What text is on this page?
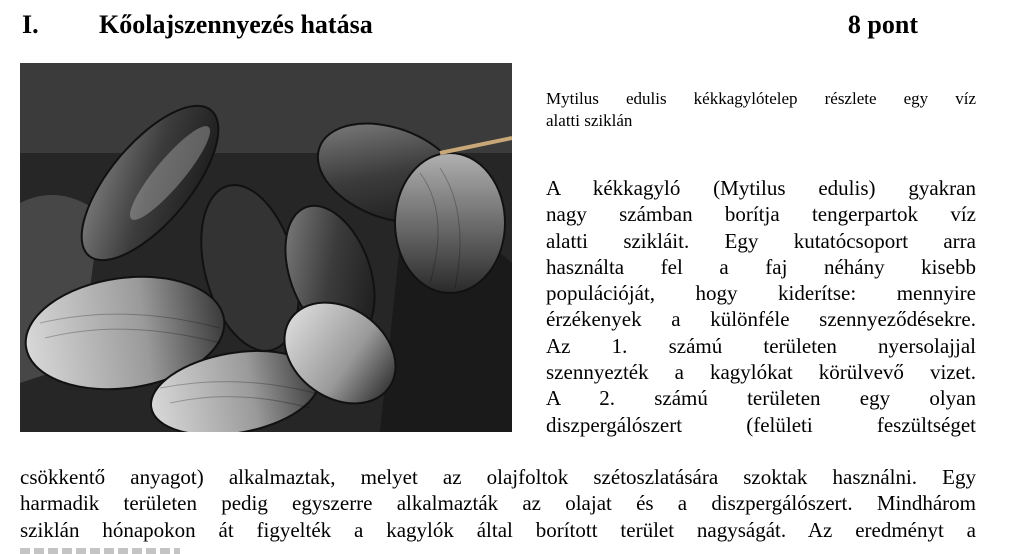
I. Kőolajszennyezés hatása	8 pont
Mytilus edulis kékkagylótelep részlete egy víz
alatti sziklán
A kékkagyló (Mytilus edulis) gyakran
nagy számban borítja tengerpartok víz
alatti szikláit. Egy kutatócsoport arra
használta fel a faj néhány kisebb
populációját, hogy kiderítse: mennyire
érzékenyek a különféle szennyeződésekre.
Az 1. számú területen nyersolajjal
szennyezték a kagylókat körülvevő vizet.
A 2. számú területen egy olyan
diszpergálószert (felületi feszültséget
csökkentő anyagot) alkalmaztak, melyet az olajfoltok szétoszlatására szoktak használni. Egy
harmadik területen pedig egyszerre alkalmazták az olajat és a diszpergálószert. Mindhárom
sziklán hónapokon át figyelték a kagylók által borított terület nagyságát. Az eredményt a
